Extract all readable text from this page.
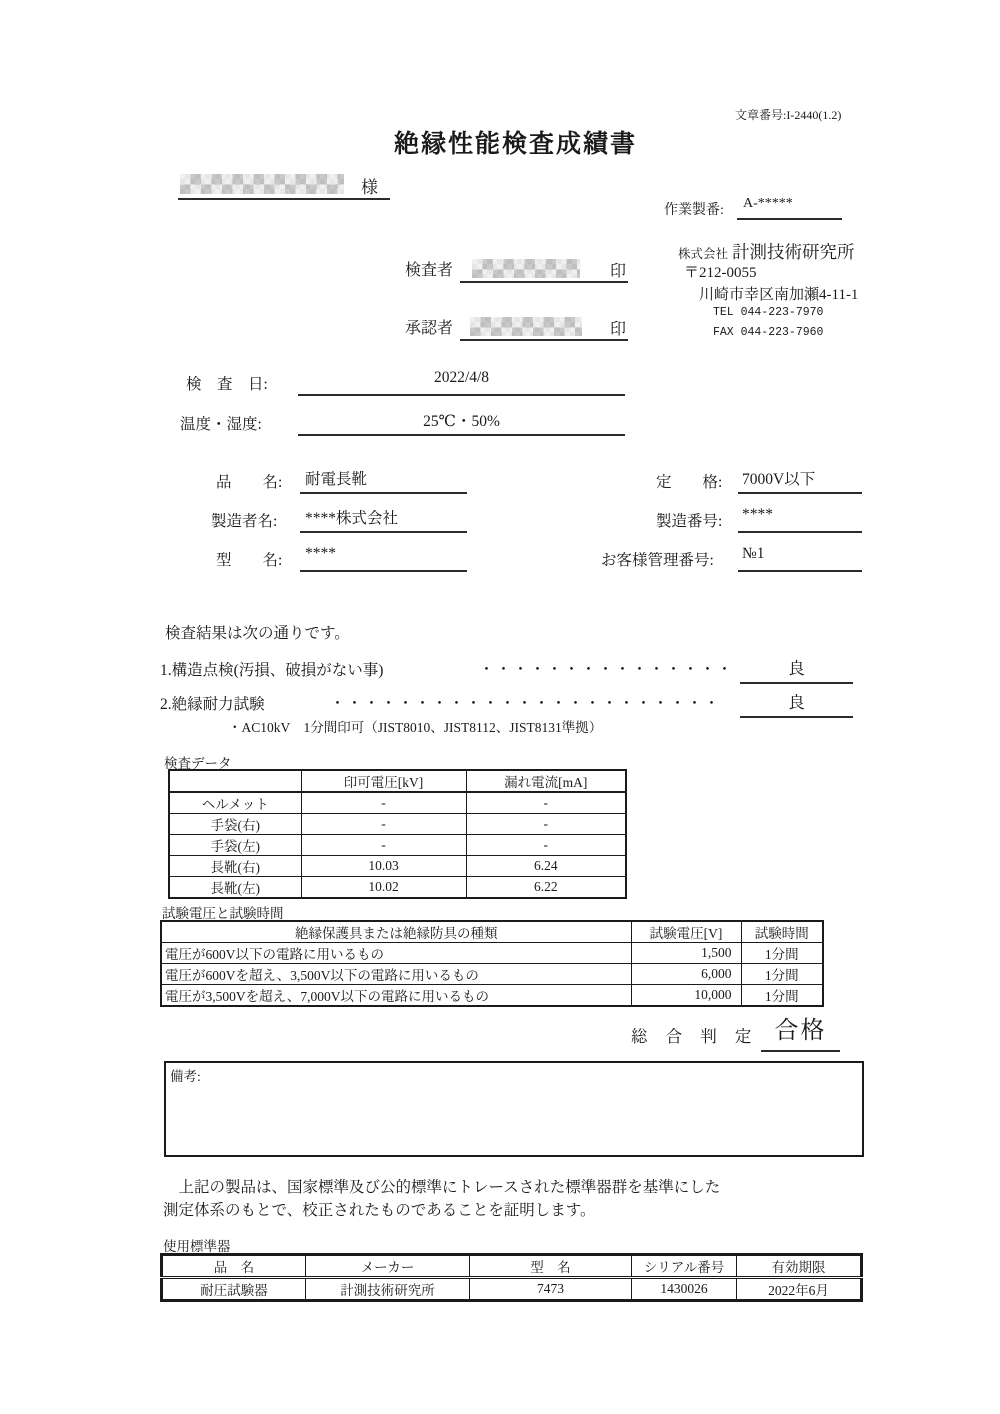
文章番号:I-2440(1.2)
絶縁性能検査成績書
様
作業製番:	A-*****
検査者	印
承認者	印
株式会社 計測技術研究所
〒212-0055
川崎市幸区南加瀬4-11-1
TEL 044-223-7970
FAX 044-223-7960
検　査　日:	2022/4/8
温度・湿度:	25℃・50%
品　　名:	耐電長靴	定　　格: 7000V以下
製造者名:	****株式会社	製造番号: ****
型　　名:	****	お客様管理番号: №1
検査結果は次の通りです。
1.構造点検(汚損、破損がない事)	・・・・・・・・・・・・・・・	良
2.絶縁耐力試験	・・・・・・・・・・・・・・・・・・・・・・・	良
・AC10kV　1分間印可（JIST8010、JIST8112、JIST8131準拠）
検査データ
	印可電圧[kV]	漏れ電流[mA]
ヘルメット	-	-
手袋(右)	-	-
手袋(左)	-	-
長靴(右)	10.03	6.24
長靴(左)	10.02	6.22
試験電圧と試験時間
絶縁保護具または絶縁防具の種類	試験電圧[V]	試験時間
電圧が600V以下の電路に用いるもの	1,500	1分間
電圧が600Vを超え、3,500V以下の電路に用いるもの	6,000	1分間
電圧が3,500Vを超え、7,000V以下の電路に用いるもの	10,000	1分間
総 合 判 定 合格
備考:
　上記の製品は、国家標準及び公的標準にトレースされた標準器群を基準にした
測定体系のもとで、校正されたものであることを証明します。
使用標準器
品　名	メーカー	型　名	シリアル番号	有効期限
耐圧試験器	計測技術研究所	7473	1430026	2022年6月
